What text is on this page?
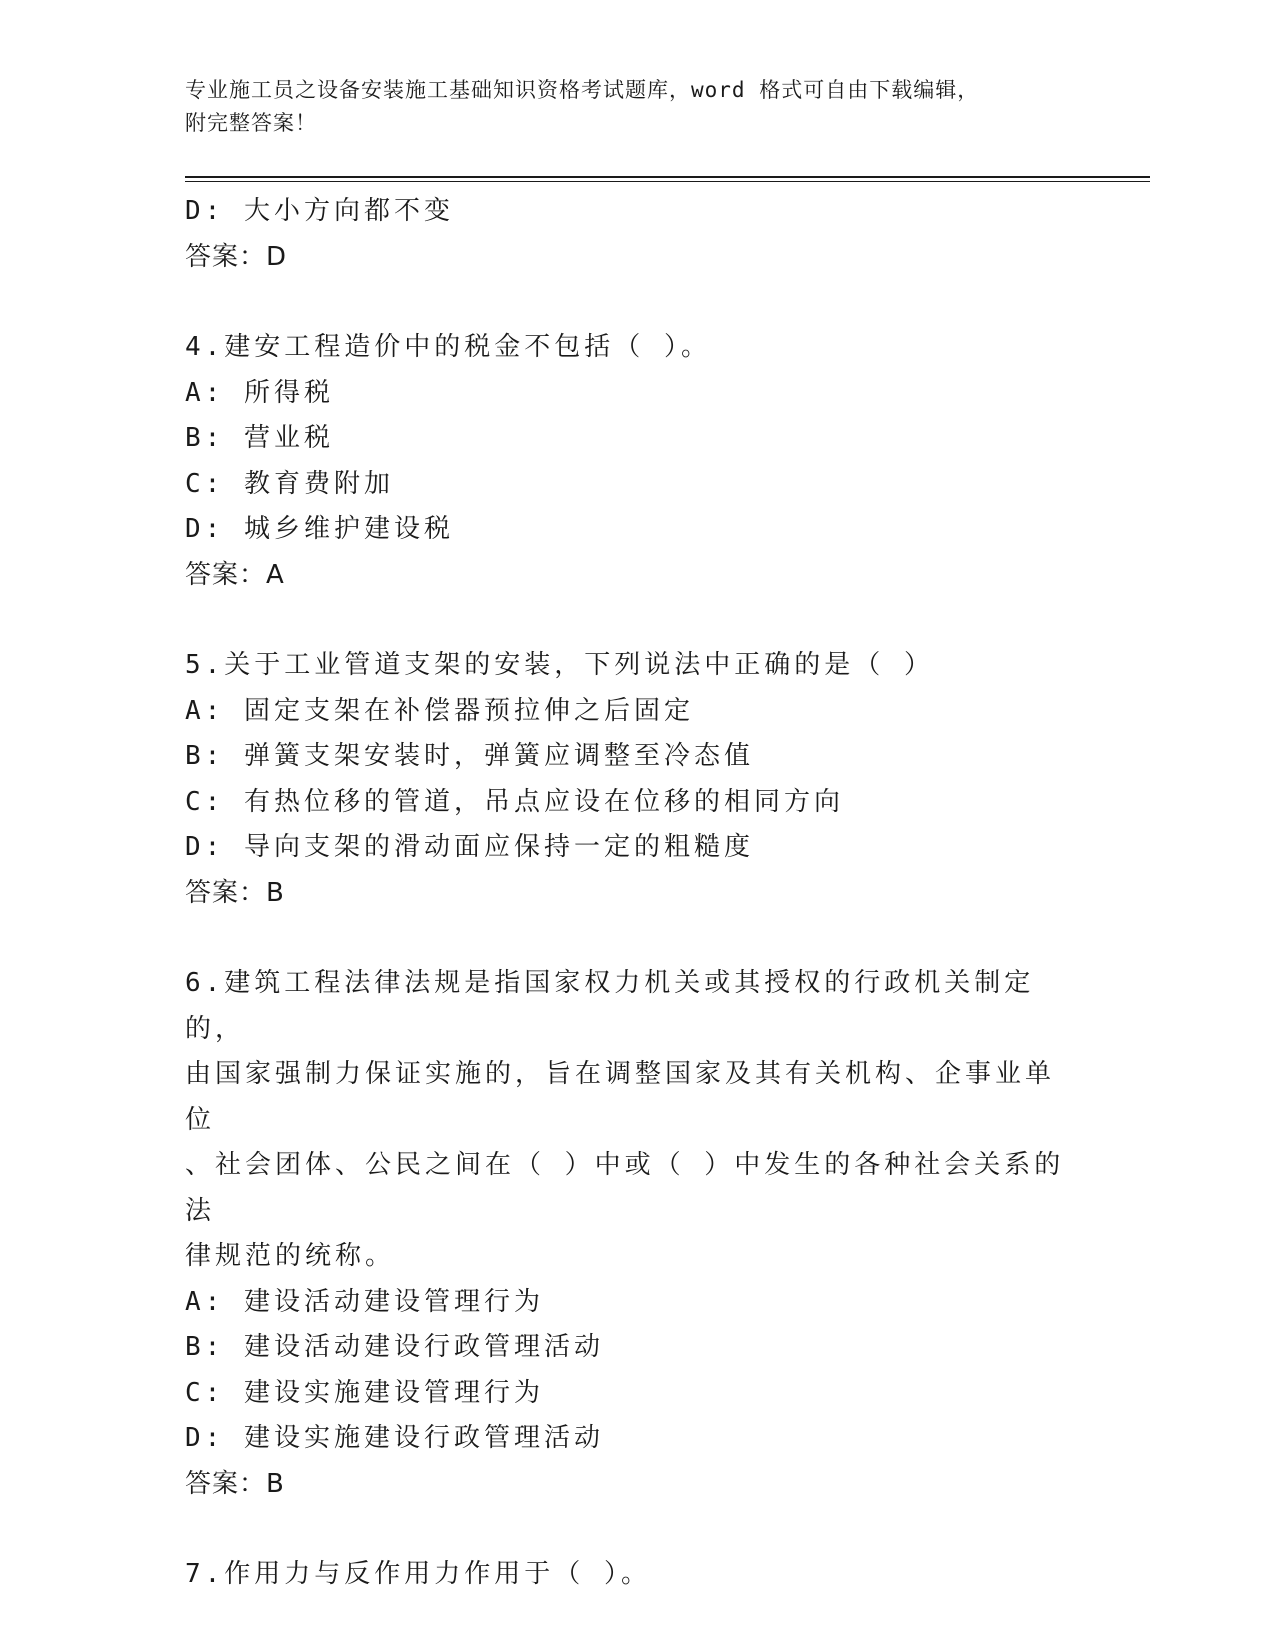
专业施工员之设备安装施工基础知识资格考试题库，word 格式可自由下载编辑，
附完整答案！
D: 大小方向都不变
答案：D
4.建安工程造价中的税金不包括（ ）。
A: 所得税
B: 营业税
C: 教育费附加
D: 城乡维护建设税
答案：A
5.关于工业管道支架的安装，下列说法中正确的是（ ）
A: 固定支架在补偿器预拉伸之后固定
B: 弹簧支架安装时，弹簧应调整至冷态值
C: 有热位移的管道，吊点应设在位移的相同方向
D: 导向支架的滑动面应保持一定的粗糙度
答案：B
6.建筑工程法律法规是指国家权力机关或其授权的行政机关制定的，
由国家强制力保证实施的，旨在调整国家及其有关机构、企事业单位
、社会团体、公民之间在（ ）中或（ ）中发生的各种社会关系的法
律规范的统称。
A: 建设活动建设管理行为
B: 建设活动建设行政管理活动
C: 建设实施建设管理行为
D: 建设实施建设行政管理活动
答案：B
7.作用力与反作用力作用于（ ）。
